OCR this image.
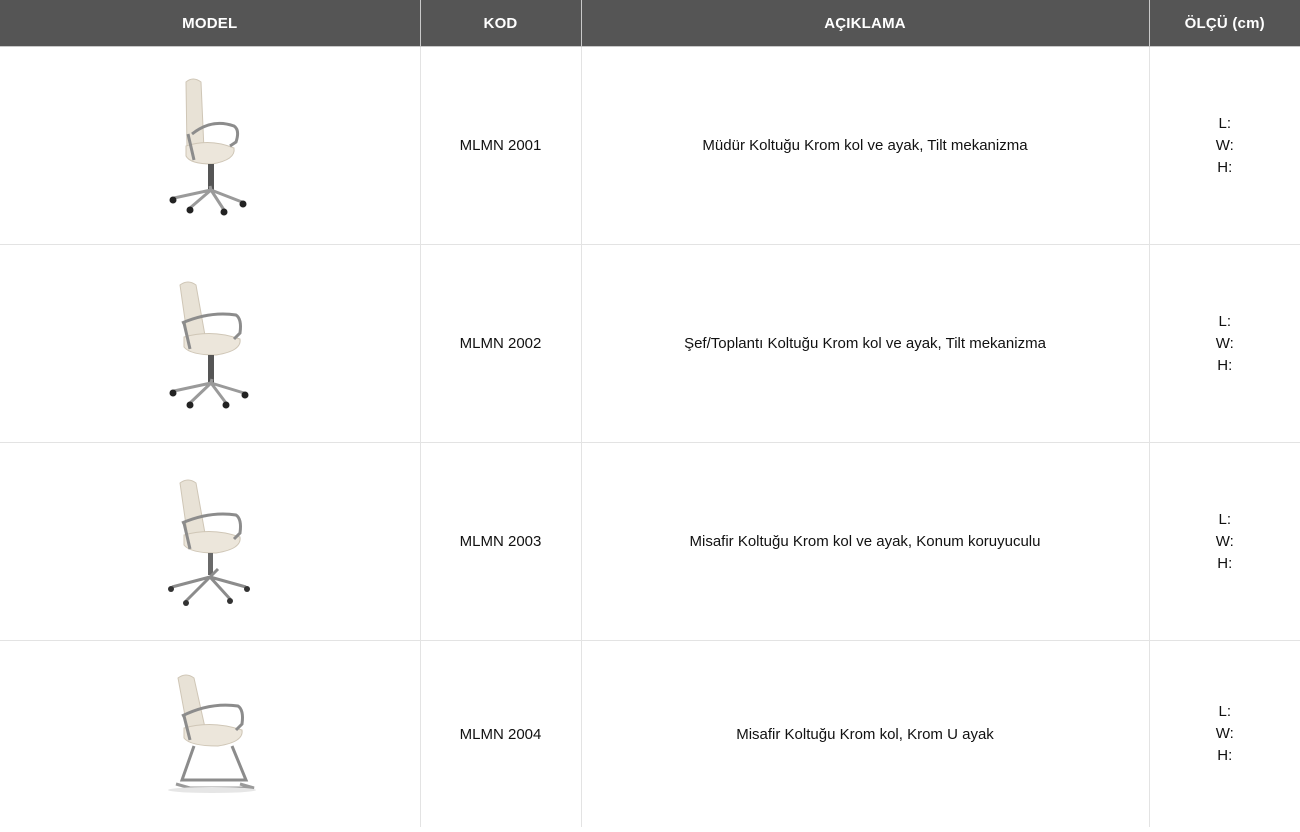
MODEL	KOD	AÇIKLAMA	ÖLÇÜ (cm)

	MLMN 2001	Müdür Koltuğu Krom kol ve ayak, Tilt mekanizma	L:
W:
H:

	MLMN 2002	Şef/Toplantı Koltuğu Krom kol ve ayak, Tilt mekanizma	L:
W:
H:

	MLMN 2003	Misafir Koltuğu Krom kol ve ayak, Konum koruyuculu	L:
W:
H:

	MLMN 2004	Misafir Koltuğu Krom kol, Krom U ayak	L:
W:
H:
